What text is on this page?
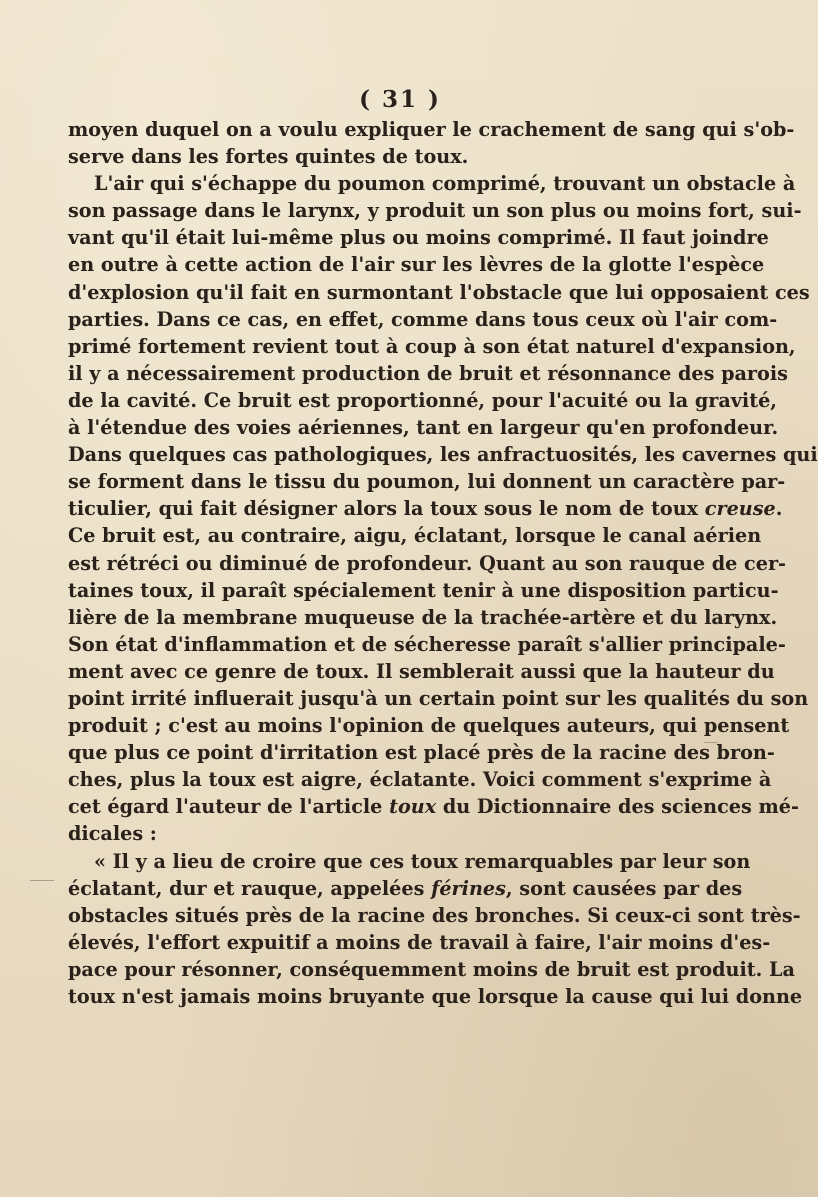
( 31 )
moyen duquel on a voulu expliquer le crachement de sang qui s'ob-
serve dans les fortes quintes de toux.
L'air qui s'échappe du poumon comprimé, trouvant un obstacle à
son passage dans le larynx, y produit un son plus ou moins fort, sui-
vant qu'il était lui-même plus ou moins comprimé. Il faut joindre
en outre à cette action de l'air sur les lèvres de la glotte l'espèce
d'explosion qu'il fait en surmontant l'obstacle que lui opposaient ces
parties. Dans ce cas, en effet, comme dans tous ceux où l'air com-
primé fortement revient tout à coup à son état naturel d'expansion,
il y a nécessairement production de bruit et résonnance des parois
de la cavité. Ce bruit est proportionné, pour l'acuité ou la gravité,
à l'étendue des voies aériennes, tant en largeur qu'en profondeur.
Dans quelques cas pathologiques, les anfractuosités, les cavernes qui
se forment dans le tissu du poumon, lui donnent un caractère par-
ticulier, qui fait désigner alors la toux sous le nom de toux creuse.
Ce bruit est, au contraire, aigu, éclatant, lorsque le canal aérien
est rétréci ou diminué de profondeur. Quant au son rauque de cer-
taines toux, il paraît spécialement tenir à une disposition particu-
lière de la membrane muqueuse de la trachée-artère et du larynx.
Son état d'inflammation et de sécheresse paraît s'allier principale-
ment avec ce genre de toux. Il semblerait aussi que la hauteur du
point irrité influerait jusqu'à un certain point sur les qualités du son
produit ; c'est au moins l'opinion de quelques auteurs, qui pensent
que plus ce point d'irritation est placé près de la racine des bron-
ches, plus la toux est aigre, éclatante. Voici comment s'exprime à
cet égard l'auteur de l'article toux du Dictionnaire des sciences mé-
dicales :
« Il y a lieu de croire que ces toux remarquables par leur son
éclatant, dur et rauque, appelées férines, sont causées par des
obstacles situés près de la racine des bronches. Si ceux-ci sont très-
élevés, l'effort expuitif a moins de travail à faire, l'air moins d'es-
pace pour résonner, conséquemment moins de bruit est produit. La
toux n'est jamais moins bruyante que lorsque la cause qui lui donne
